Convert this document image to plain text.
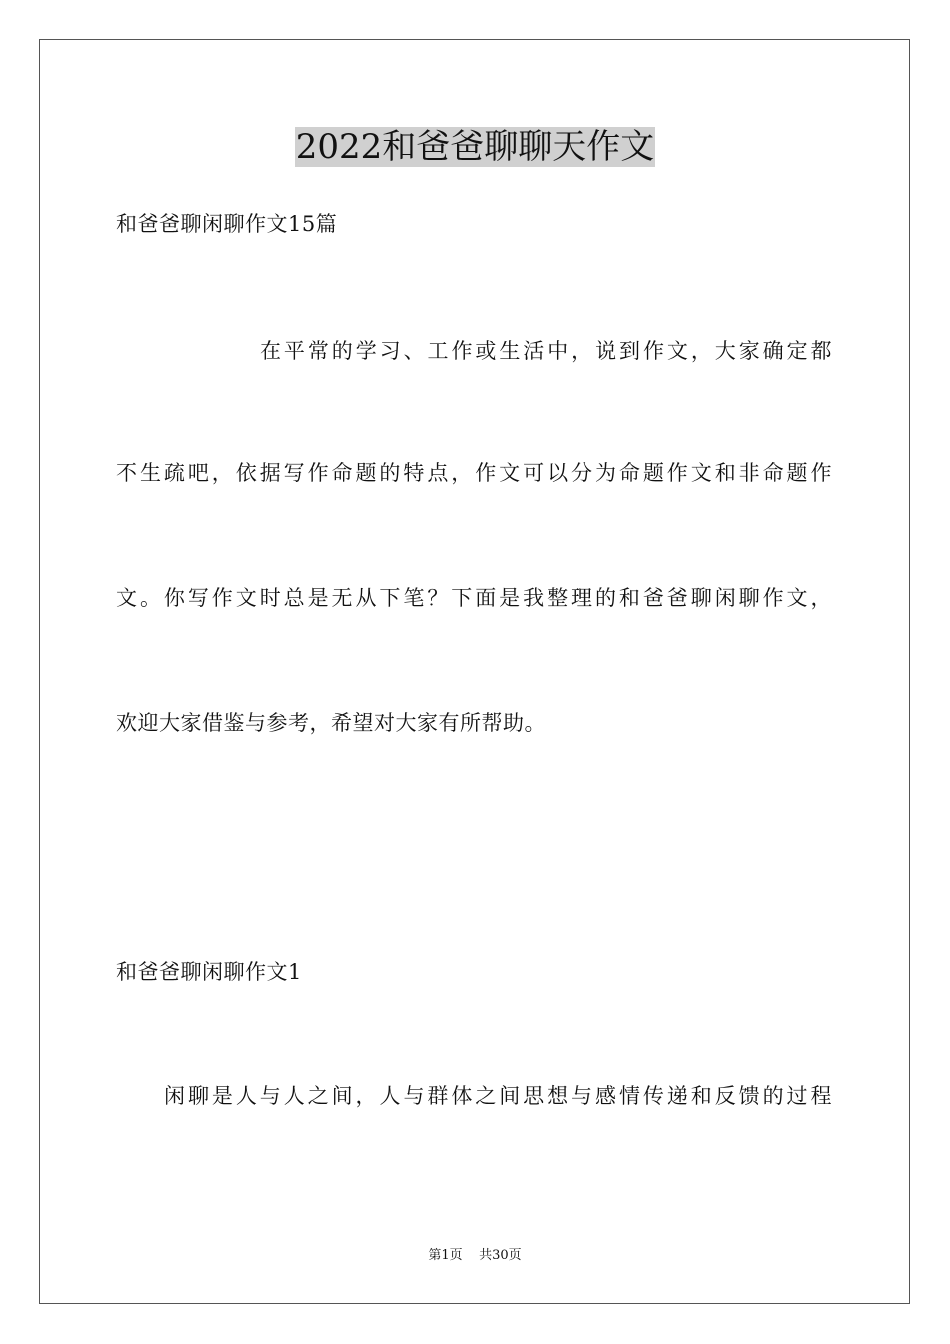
2022和爸爸聊聊天作文

和爸爸聊闲聊作文15篇

在平常的学习、工作或生活中，说到作文，大家确定都

不生疏吧，依据写作命题的特点，作文可以分为命题作文和非命题作

文。你写作文时总是无从下笔？下面是我整理的和爸爸聊闲聊作文，

欢迎大家借鉴与参考，希望对大家有所帮助。

和爸爸聊闲聊作文1

闲聊是人与人之间，人与群体之间思想与感情传递和反馈的过程

第1页    共30页
